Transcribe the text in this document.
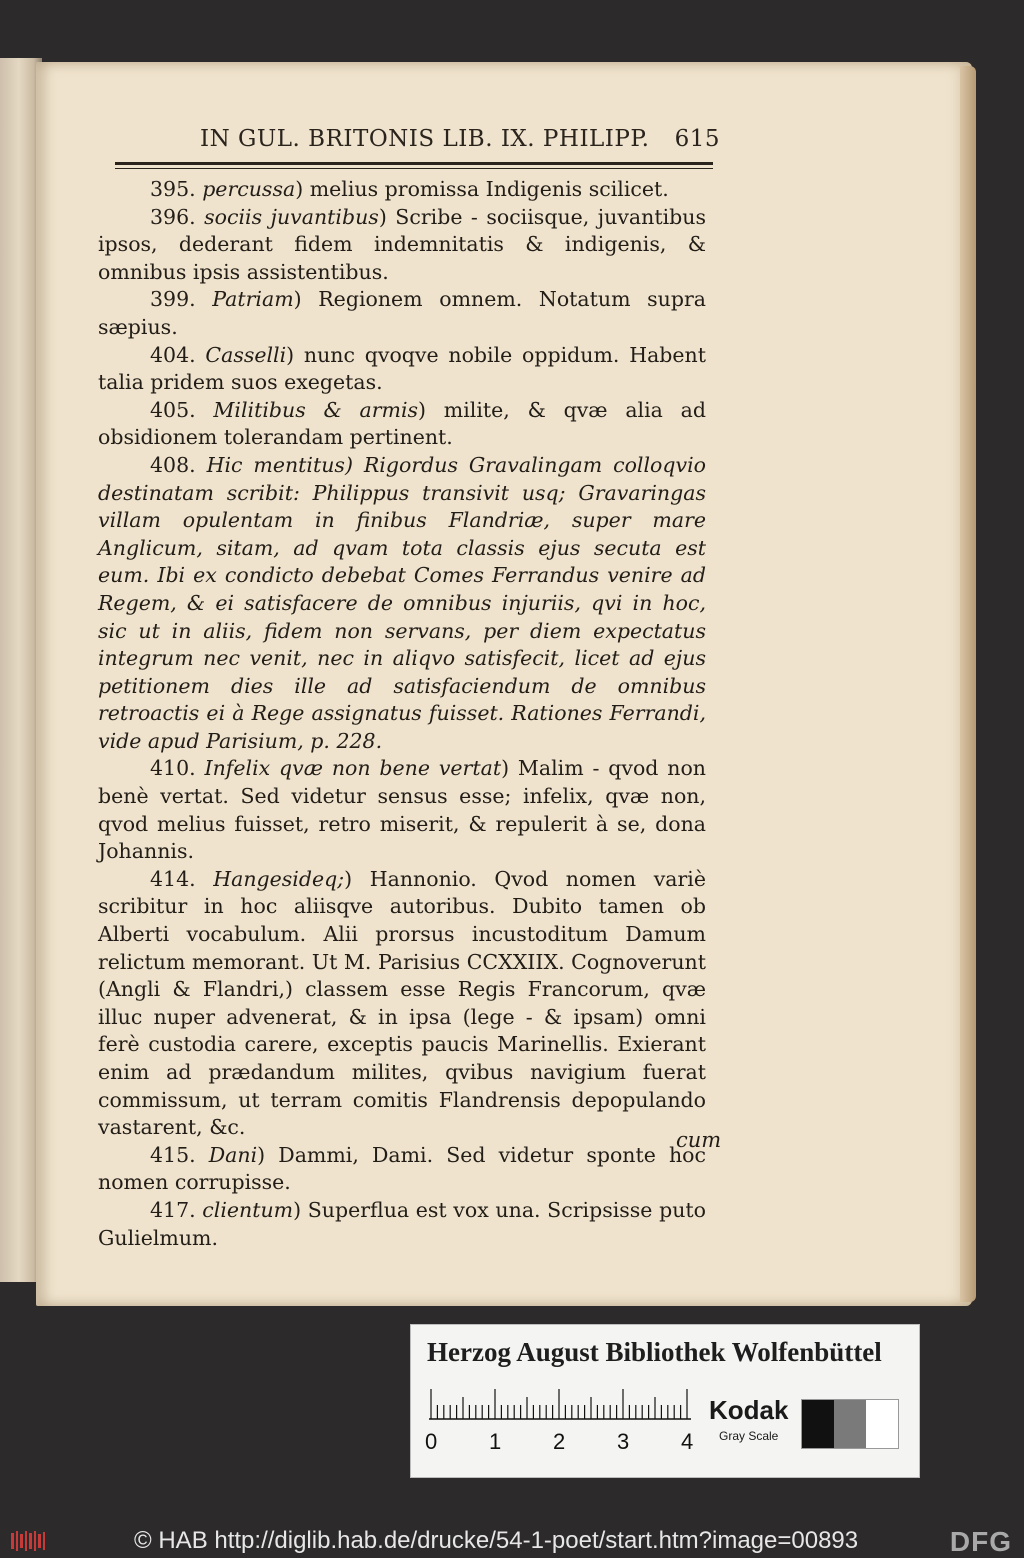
IN GUL. BRITONIS LIB. IX. PHILIPP. 615

395. percussa) melius promissa Indigenis scilicet.

396. sociis juvantibus) Scribe - sociisque, juvantibus ipsos, dederant fidem indemnitatis & indigenis, & omnibus ipsis assistentibus.

399. Patriam) Regionem omnem. Notatum supra sæpius.

404. Casselli) nunc qvoqve nobile oppidum. Habent talia pridem suos exegetas.

405. Militibus & armis) milite, & qvæ alia ad obsidionem tolerandam pertinent.

408. Hic mentitus) Rigordus Gravalingam colloqvio destinatam scribit: Philippus transivit usq; Gravaringas villam opulentam in finibus Flandriæ, super mare Anglicum, sitam, ad qvam tota classis ejus secuta est eum. Ibi ex condicto debebat Comes Ferrandus venire ad Regem, & ei satisfacere de omnibus injuriis, qvi in hoc, sic ut in aliis, fidem non servans, per diem expectatus integrum nec venit, nec in aliqvo satisfecit, licet ad ejus petitionem dies ille ad satisfaciendum de omnibus retroactis ei à Rege assignatus fuisset. Rationes Ferrandi, vide apud Parisium, p. 228.

410. Infelix qvæ non bene vertat) Malim - qvod non benè vertat. Sed videtur sensus esse; infelix, qvæ non, qvod melius fuisset, retro miserit, & repulerit à se, dona Johannis.

414. Hangesideq;) Hannonio. Qvod nomen variè scribitur in hoc aliisqve autoribus. Dubito tamen ob Alberti vocabulum. Alii prorsus incustoditum Damum relictum memorant. Ut M. Parisius CCXXIIX. Cognoverunt (Angli & Flandri,) classem esse Regis Francorum, qvæ illuc nuper advenerat, & in ipsa (lege - & ipsam) omni ferè custodia carere, exceptis paucis Marinellis. Exierant enim ad prædandum milites, qvibus navigium fuerat commissum, ut terram comitis Flandrensis depopulando vastarent, &c.

415. Dani) Dammi, Dami. Sed videtur sponte hoc nomen corrupisse.

417. clientum) Superflua est vox una. Scripsisse puto Gulielmum.

cum
Herzog August Bibliothek Wolfenbüttel
0 1 2 3 4
Kodak
Gray Scale
© HAB http://diglib.hab.de/drucke/54-1-poet/start.htm?image=00893	DFG
